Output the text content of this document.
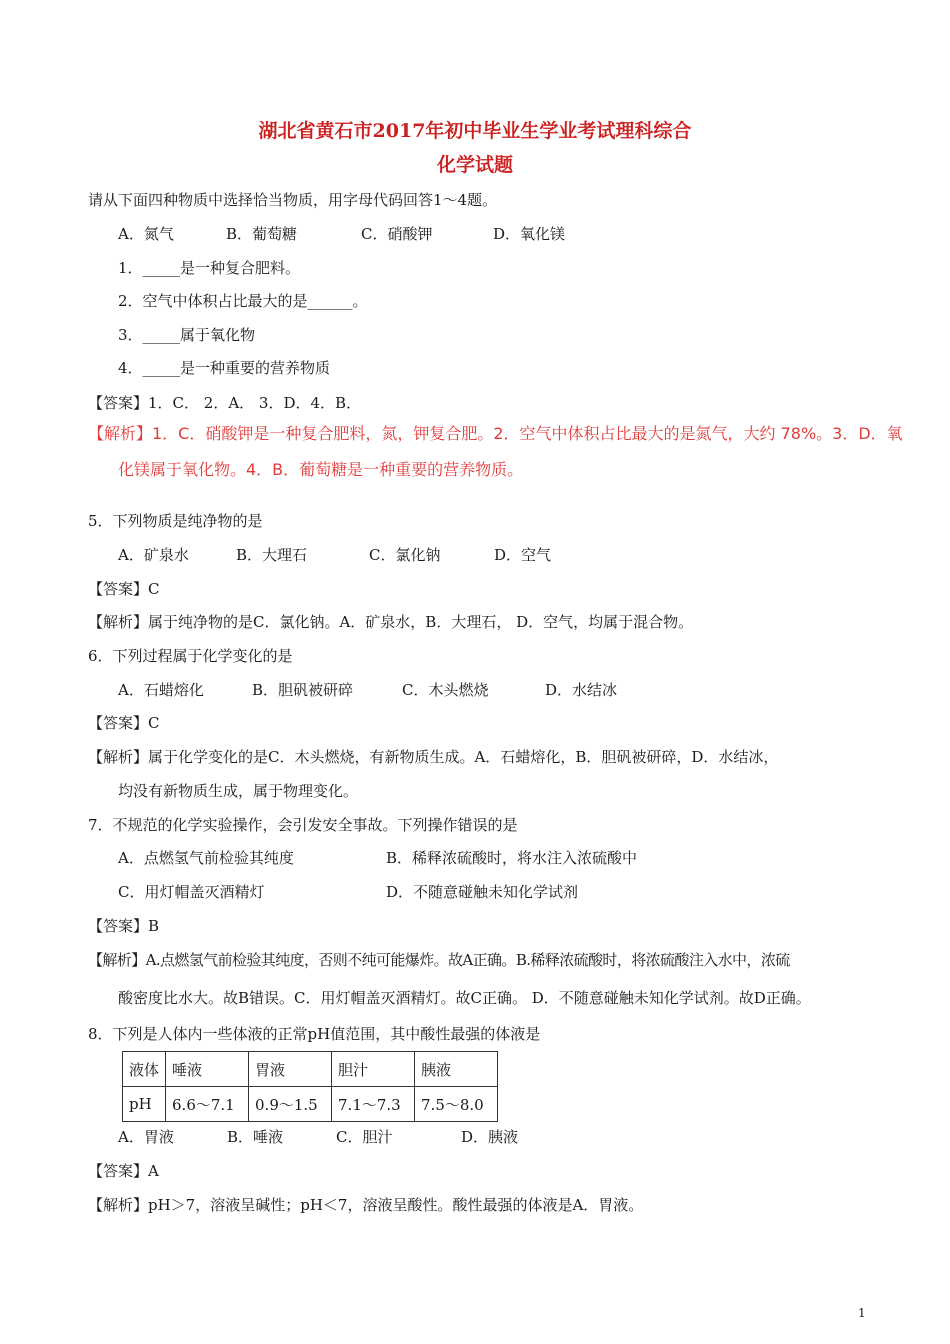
湖北省黄石市2017年初中毕业生学业考试理科综合
化学试题
请从下面四种物质中选择恰当物质，用字母代码回答1～4题。
A．氮气	B．葡萄糖	C．硝酸钾	D．氧化镁
1．_____是一种复合肥料。
2．空气中体积占比最大的是______。
3．_____属于氧化物
4．_____是一种重要的营养物质
【答案】1．C． 2．A． 3．D．4．B．
【解析】1．C．硝酸钾是一种复合肥料，氮，钾复合肥。2．空气中体积占比最大的是氮气，大约 78%。3．D．氧
化镁属于氧化物。4．B．葡萄糖是一种重要的营养物质。
5．下列物质是纯净物的是
A．矿泉水	B．大理石	C．氯化钠	D．空气
【答案】C
【解析】属于纯净物的是C．氯化钠。A．矿泉水，B．大理石， D．空气，均属于混合物。
6．下列过程属于化学变化的是
A．石蜡熔化	B．胆矾被研碎	C．木头燃烧	D．水结冰
【答案】C
【解析】属于化学变化的是C．木头燃烧，有新物质生成。A．石蜡熔化，B．胆矾被研碎，D．水结冰，
均没有新物质生成，属于物理变化。
7．不规范的化学实验操作，会引发安全事故。下列操作错误的是
A．点燃氢气前检验其纯度	B．稀释浓硫酸时，将水注入浓硫酸中
C．用灯帽盖灭酒精灯	D．不随意碰触未知化学试剂
【答案】B
【解析】A.点燃氢气前检验其纯度，否则不纯可能爆炸。故A正确。B.稀释浓硫酸时，将浓硫酸注入水中，浓硫
酸密度比水大。故B错误。C．用灯帽盖灭酒精灯。故C正确。 D．不随意碰触未知化学试剂。故D正确。
8．下列是人体内一些体液的正常pH值范围，其中酸性最强的体液是
液体	唾液	胃液	胆汁	胰液
pH	6.6～7.1	0.9～1.5	7.1～7.3	7.5～8.0
A．胃液	B．唾液	C．胆汁	D．胰液
【答案】A
【解析】pH＞7，溶液呈碱性；pH＜7，溶液呈酸性。酸性最强的体液是A．胃液。
1
